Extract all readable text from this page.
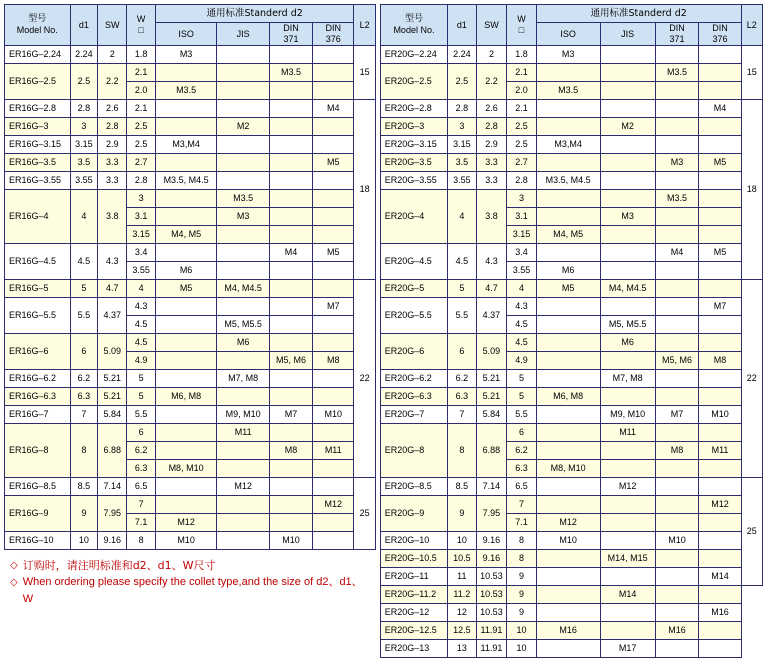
型号
Model No.
	d1	SW	
W
□
	通用标准Standerd d2	L2
ISO	JIS	
DIN
371

DIN
376

ER16G–2.24	2.24	2	1.8	M3				15
ER16G–2.5	2.5	2.2	2.1			M3.5		
			2.0	M3.5				
ER16G–2.8	2.8	2.6	2.1				M4	18
ER16G–3	3	2.8	2.5		M2			
ER16G–3.15	3.15	2.9	2.5	M3,M4				
ER16G–3.5	3.5	3.3	2.7				M5	
ER16G–3.55	3.55	3.3	2.8	M3.5, M4.5				
ER16G–4	4	3.8	3		M3.5			
			3.1		M3			
			3.15	M4, M5				
ER16G–4.5	4.5	4.3	3.4			M4	M5	
			3.55	M6				
ER16G–5	5	4.7	4	M5	M4, M4.5			22
ER16G–5.5	5.5	4.37	4.3				M7	
			4.5		M5, M5.5			
ER16G–6	6	5.09	4.5		M6			
			4.9			M5, M6	M8	
ER16G–6.2	6.2	5.21	5		M7, M8			
ER16G–6.3	6.3	5.21	5	M6, M8				
ER16G–7	7	5.84	5.5		M9, M10	M7	M10	
ER16G–8	8	6.88	6		M11			
			6.2			M8	M11	
			6.3	M8, M10				
ER16G–8.5	8.5	7.14	6.5		M12			25
ER16G–9	9	7.95	7				M12	
			7.1	M12				
ER16G–10	10	9.16	8	M10		M10		
◇ 订购时，请注明标准和d2、d1、W尺寸
◇ When ordering please specify the collet type,and the size of d2、d1、W
型号
Model No.
	d1	SW	
W
□
	通用标准Standerd d2	L2
ISO	JIS	
DIN
371

DIN
376

ER20G–2.24	2.24	2	1.8	M3				15
ER20G–2.5	2.5	2.2	2.1			M3.5		
			2.0	M3.5				
ER20G–2.8	2.8	2.6	2.1				M4	18
ER20G–3	3	2.8	2.5		M2			
ER20G–3.15	3.15	2.9	2.5	M3,M4				
ER20G–3.5	3.5	3.3	2.7			M3	M5	
ER20G–3.55	3.55	3.3	2.8	M3.5, M4.5				
ER20G–4	4	3.8	3			M3.5		
			3.1		M3			
			3.15	M4, M5				
ER20G–4.5	4.5	4.3	3.4			M4	M5	
			3.55	M6				
ER20G–5	5	4.7	4	M5	M4, M4.5			22
ER20G–5.5	5.5	4.37	4.3				M7	
			4.5		M5, M5.5			
ER20G–6	6	5.09	4.5		M6			
			4.9			M5, M6	M8	
ER20G–6.2	6.2	5.21	5		M7, M8			
ER20G–6.3	6.3	5.21	5	M6, M8				
ER20G–7	7	5.84	5.5		M9, M10	M7	M10	
ER20G–8	8	6.88	6		M11			
			6.2			M8	M11	
			6.3	M8, M10				
ER20G–8.5	8.5	7.14	6.5		M12			25
ER20G–9	9	7.95	7				M12	
			7.1	M12				
ER20G–10	10	9.16	8	M10		M10		
ER20G–10.5	10.5	9.16	8		M14, M15			
ER20G–11	11	10.53	9				M14	
ER20G–11.2	11.2	10.53	9		M14			
ER20G–12	12	10.53	9				M16	
ER20G–12.5	12.5	11.91	10	M16		M16		
ER20G–13	13	11.91	10		M17			
